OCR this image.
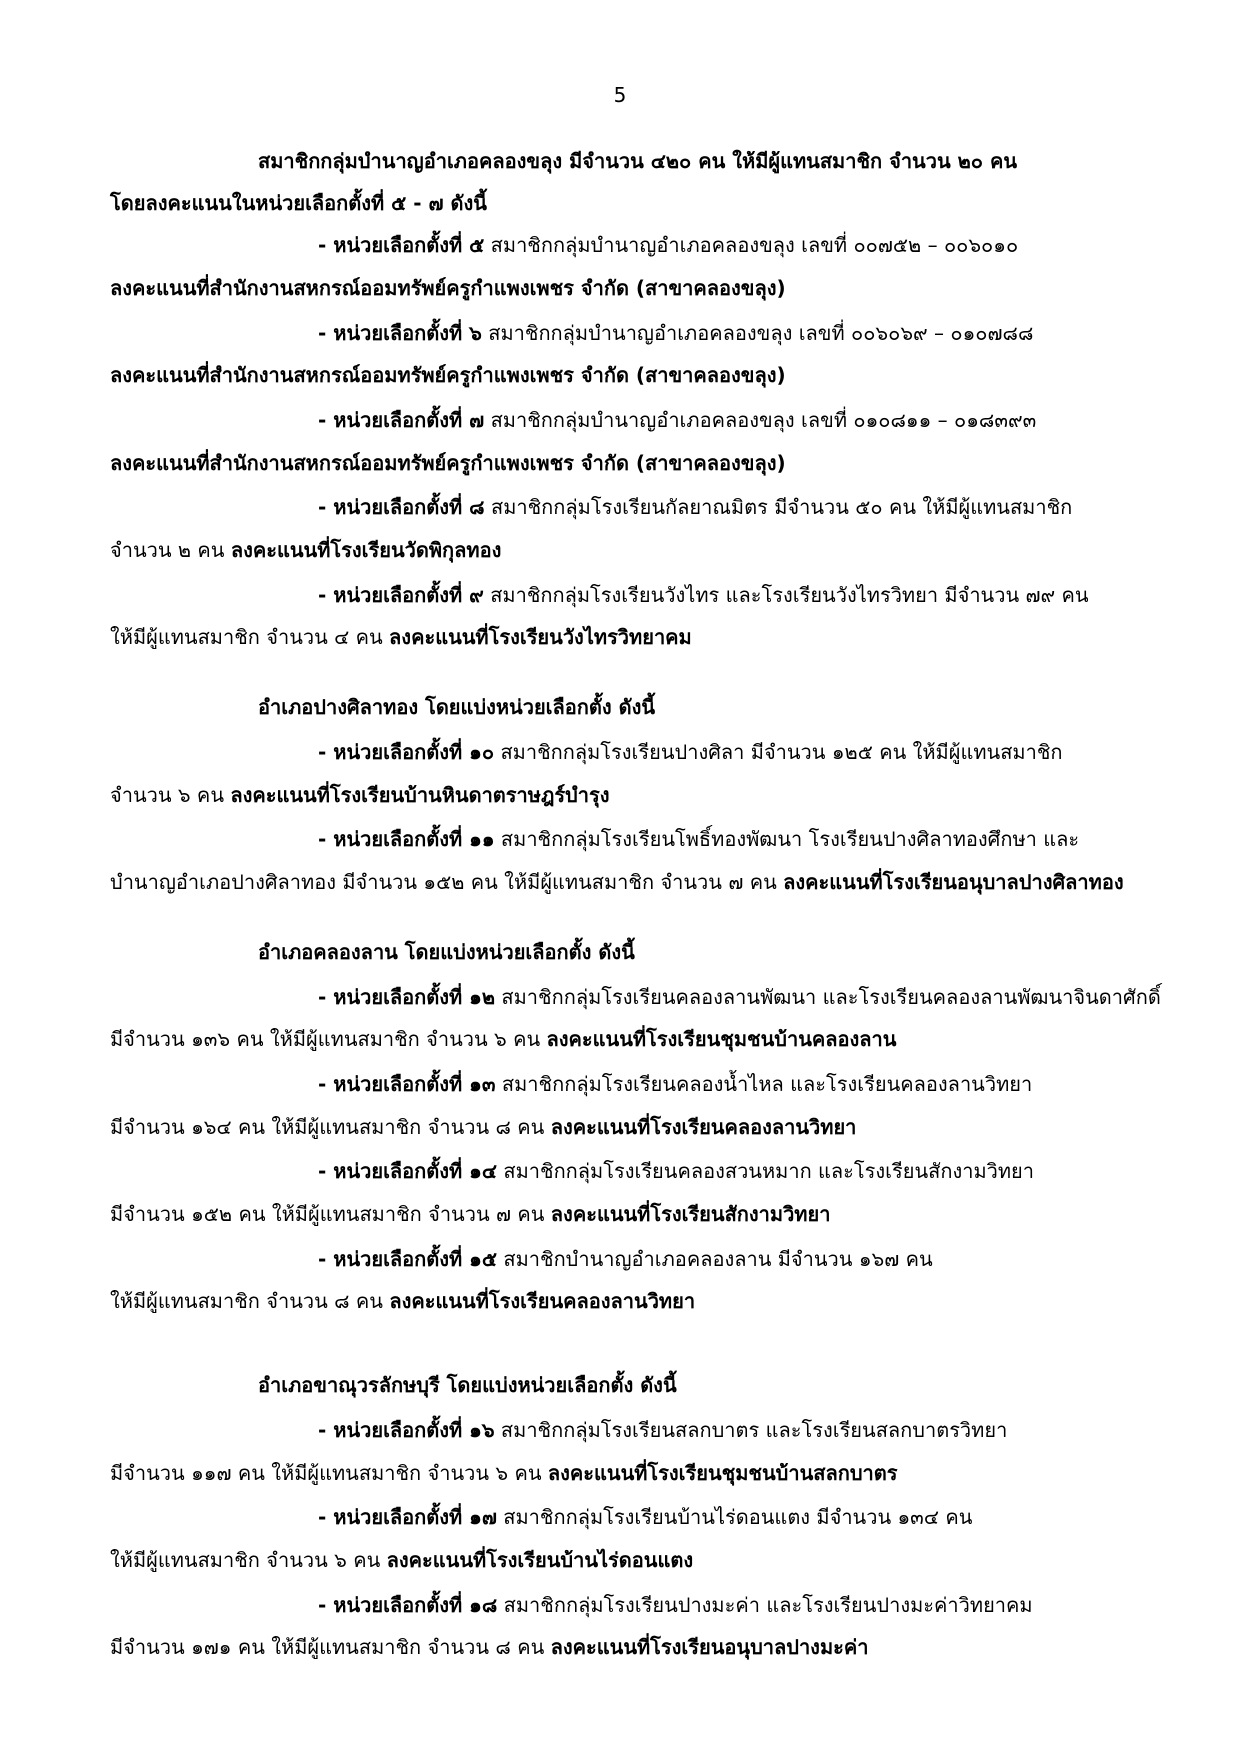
5
สมาชิกกลุ่มบำนาญอำเภอคลองขลุง มีจำนวน ๔๒๐ คน ให้มีผู้แทนสมาชิก จำนวน ๒๐ คน
โดยลงคะแนนในหน่วยเลือกตั้งที่ ๕ - ๗ ดังนี้
- หน่วยเลือกตั้งที่ ๕ สมาชิกกลุ่มบำนาญอำเภอคลองขลุง เลขที่ ๐๐๗๕๒ – ๐๐๖๐๑๐
ลงคะแนนที่สำนักงานสหกรณ์ออมทรัพย์ครูกำแพงเพชร จำกัด (สาขาคลองขลุง)
- หน่วยเลือกตั้งที่ ๖ สมาชิกกลุ่มบำนาญอำเภอคลองขลุง เลขที่ ๐๐๖๐๖๙ – ๐๑๐๗๘๘
ลงคะแนนที่สำนักงานสหกรณ์ออมทรัพย์ครูกำแพงเพชร จำกัด (สาขาคลองขลุง)
- หน่วยเลือกตั้งที่ ๗ สมาชิกกลุ่มบำนาญอำเภอคลองขลุง เลขที่ ๐๑๐๘๑๑ – ๐๑๘๓๙๓
ลงคะแนนที่สำนักงานสหกรณ์ออมทรัพย์ครูกำแพงเพชร จำกัด (สาขาคลองขลุง)
- หน่วยเลือกตั้งที่ ๘ สมาชิกกลุ่มโรงเรียนกัลยาณมิตร มีจำนวน ๕๐ คน ให้มีผู้แทนสมาชิก
จำนวน ๒ คน ลงคะแนนที่โรงเรียนวัดพิกุลทอง
- หน่วยเลือกตั้งที่ ๙ สมาชิกกลุ่มโรงเรียนวังไทร และโรงเรียนวังไทรวิทยา มีจำนวน ๗๙ คน
ให้มีผู้แทนสมาชิก จำนวน ๔ คน ลงคะแนนที่โรงเรียนวังไทรวิทยาคม
อำเภอปางศิลาทอง โดยแบ่งหน่วยเลือกตั้ง ดังนี้
- หน่วยเลือกตั้งที่ ๑๐ สมาชิกกลุ่มโรงเรียนปางศิลา มีจำนวน ๑๒๕ คน ให้มีผู้แทนสมาชิก
จำนวน ๖ คน ลงคะแนนที่โรงเรียนบ้านหินดาตราษฎร์บำรุง
- หน่วยเลือกตั้งที่ ๑๑ สมาชิกกลุ่มโรงเรียนโพธิ์ทองพัฒนา โรงเรียนปางศิลาทองศึกษา และ
บำนาญอำเภอปางศิลาทอง มีจำนวน ๑๕๒ คน ให้มีผู้แทนสมาชิก จำนวน ๗ คน ลงคะแนนที่โรงเรียนอนุบาลปางศิลาทอง
อำเภอคลองลาน โดยแบ่งหน่วยเลือกตั้ง ดังนี้
- หน่วยเลือกตั้งที่ ๑๒ สมาชิกกลุ่มโรงเรียนคลองลานพัฒนา และโรงเรียนคลองลานพัฒนาจินดาศักดิ์
มีจำนวน ๑๓๖ คน ให้มีผู้แทนสมาชิก จำนวน ๖ คน ลงคะแนนที่โรงเรียนชุมชนบ้านคลองลาน
- หน่วยเลือกตั้งที่ ๑๓ สมาชิกกลุ่มโรงเรียนคลองน้ำไหล และโรงเรียนคลองลานวิทยา
มีจำนวน ๑๖๔ คน ให้มีผู้แทนสมาชิก จำนวน ๘ คน ลงคะแนนที่โรงเรียนคลองลานวิทยา
- หน่วยเลือกตั้งที่ ๑๔ สมาชิกกลุ่มโรงเรียนคลองสวนหมาก และโรงเรียนสักงามวิทยา
มีจำนวน ๑๕๒ คน ให้มีผู้แทนสมาชิก จำนวน ๗ คน ลงคะแนนที่โรงเรียนสักงามวิทยา
- หน่วยเลือกตั้งที่ ๑๕ สมาชิกบำนาญอำเภอคลองลาน มีจำนวน ๑๖๗ คน
ให้มีผู้แทนสมาชิก จำนวน ๘ คน ลงคะแนนที่โรงเรียนคลองลานวิทยา
อำเภอขาณุวรลักษบุรี โดยแบ่งหน่วยเลือกตั้ง ดังนี้
- หน่วยเลือกตั้งที่ ๑๖ สมาชิกกลุ่มโรงเรียนสลกบาตร และโรงเรียนสลกบาตรวิทยา
มีจำนวน ๑๑๗ คน ให้มีผู้แทนสมาชิก จำนวน ๖ คน ลงคะแนนที่โรงเรียนชุมชนบ้านสลกบาตร
- หน่วยเลือกตั้งที่ ๑๗ สมาชิกกลุ่มโรงเรียนบ้านไร่ดอนแตง มีจำนวน ๑๓๔ คน
ให้มีผู้แทนสมาชิก จำนวน ๖ คน ลงคะแนนที่โรงเรียนบ้านไร่ดอนแตง
- หน่วยเลือกตั้งที่ ๑๘ สมาชิกกลุ่มโรงเรียนปางมะค่า และโรงเรียนปางมะค่าวิทยาคม
มีจำนวน ๑๗๑ คน ให้มีผู้แทนสมาชิก จำนวน ๘ คน ลงคะแนนที่โรงเรียนอนุบาลปางมะค่า
